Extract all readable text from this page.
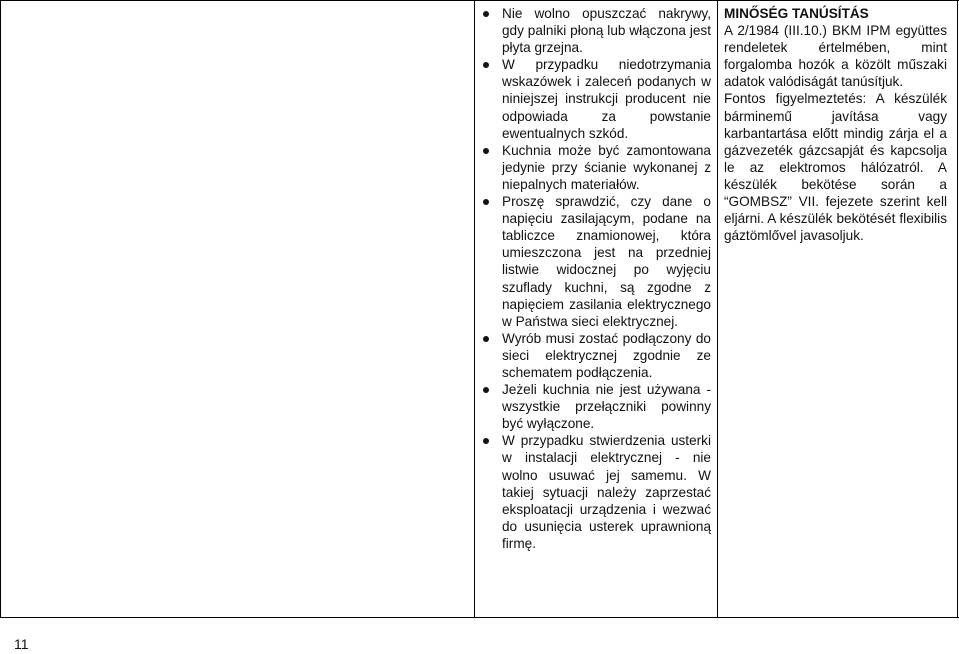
Nie wolno opuszczać nakrywy, gdy palniki płoną lub włączona jest płyta grzejna.
W przypadku niedotrzymania wskazówek i zaleceń podanych w niniejszej instrukcji producent nie odpowiada za powstanie ewentualnych szkód.
Kuchnia może być zamontowana jedynie przy ścianie wykonanej z niepalnych materiałów.
Proszę sprawdzić, czy dane o napięciu zasilającym, podane na tabliczce znamionowej, która umieszczona jest na przedniej listwie widocznej po wyjęciu szuflady kuchni, są zgodne z napięciem zasilania elektrycznego w Państwa sieci elektrycznej.
Wyrób musi zostać podłączony do sieci elektrycznej zgodnie ze schematem podłączenia.
Jeżeli kuchnia nie jest używana - wszystkie przełączniki powinny być wyłączone.
W przypadku stwierdzenia usterki w instalacji elektrycznej - nie wolno usuwać jej samemu. W takiej sytuacji należy zaprzestać eksploatacji urządzenia i wezwać do usunięcia usterek uprawnioną firmę.

MINŐSÉG TANÚSÍTÁS

A 2/1984 (III.10.) BKM IPM együttes rendeletek értelmében, mint forgalomba hozók a közölt műszaki adatok valódiságát tanúsítjuk.

Fontos figyelmeztetés: A készülék bárminemű javítása vagy karbantartása előtt mindig zárja el a gázvezeték gázcsapját és kapcsolja le az elektromos hálózatról. A készülék bekötése során a “GOMBSZ” VII. fejezete szerint kell eljárni. A készülék bekötését flexibilis gáztömlővel javasoljuk.

11
